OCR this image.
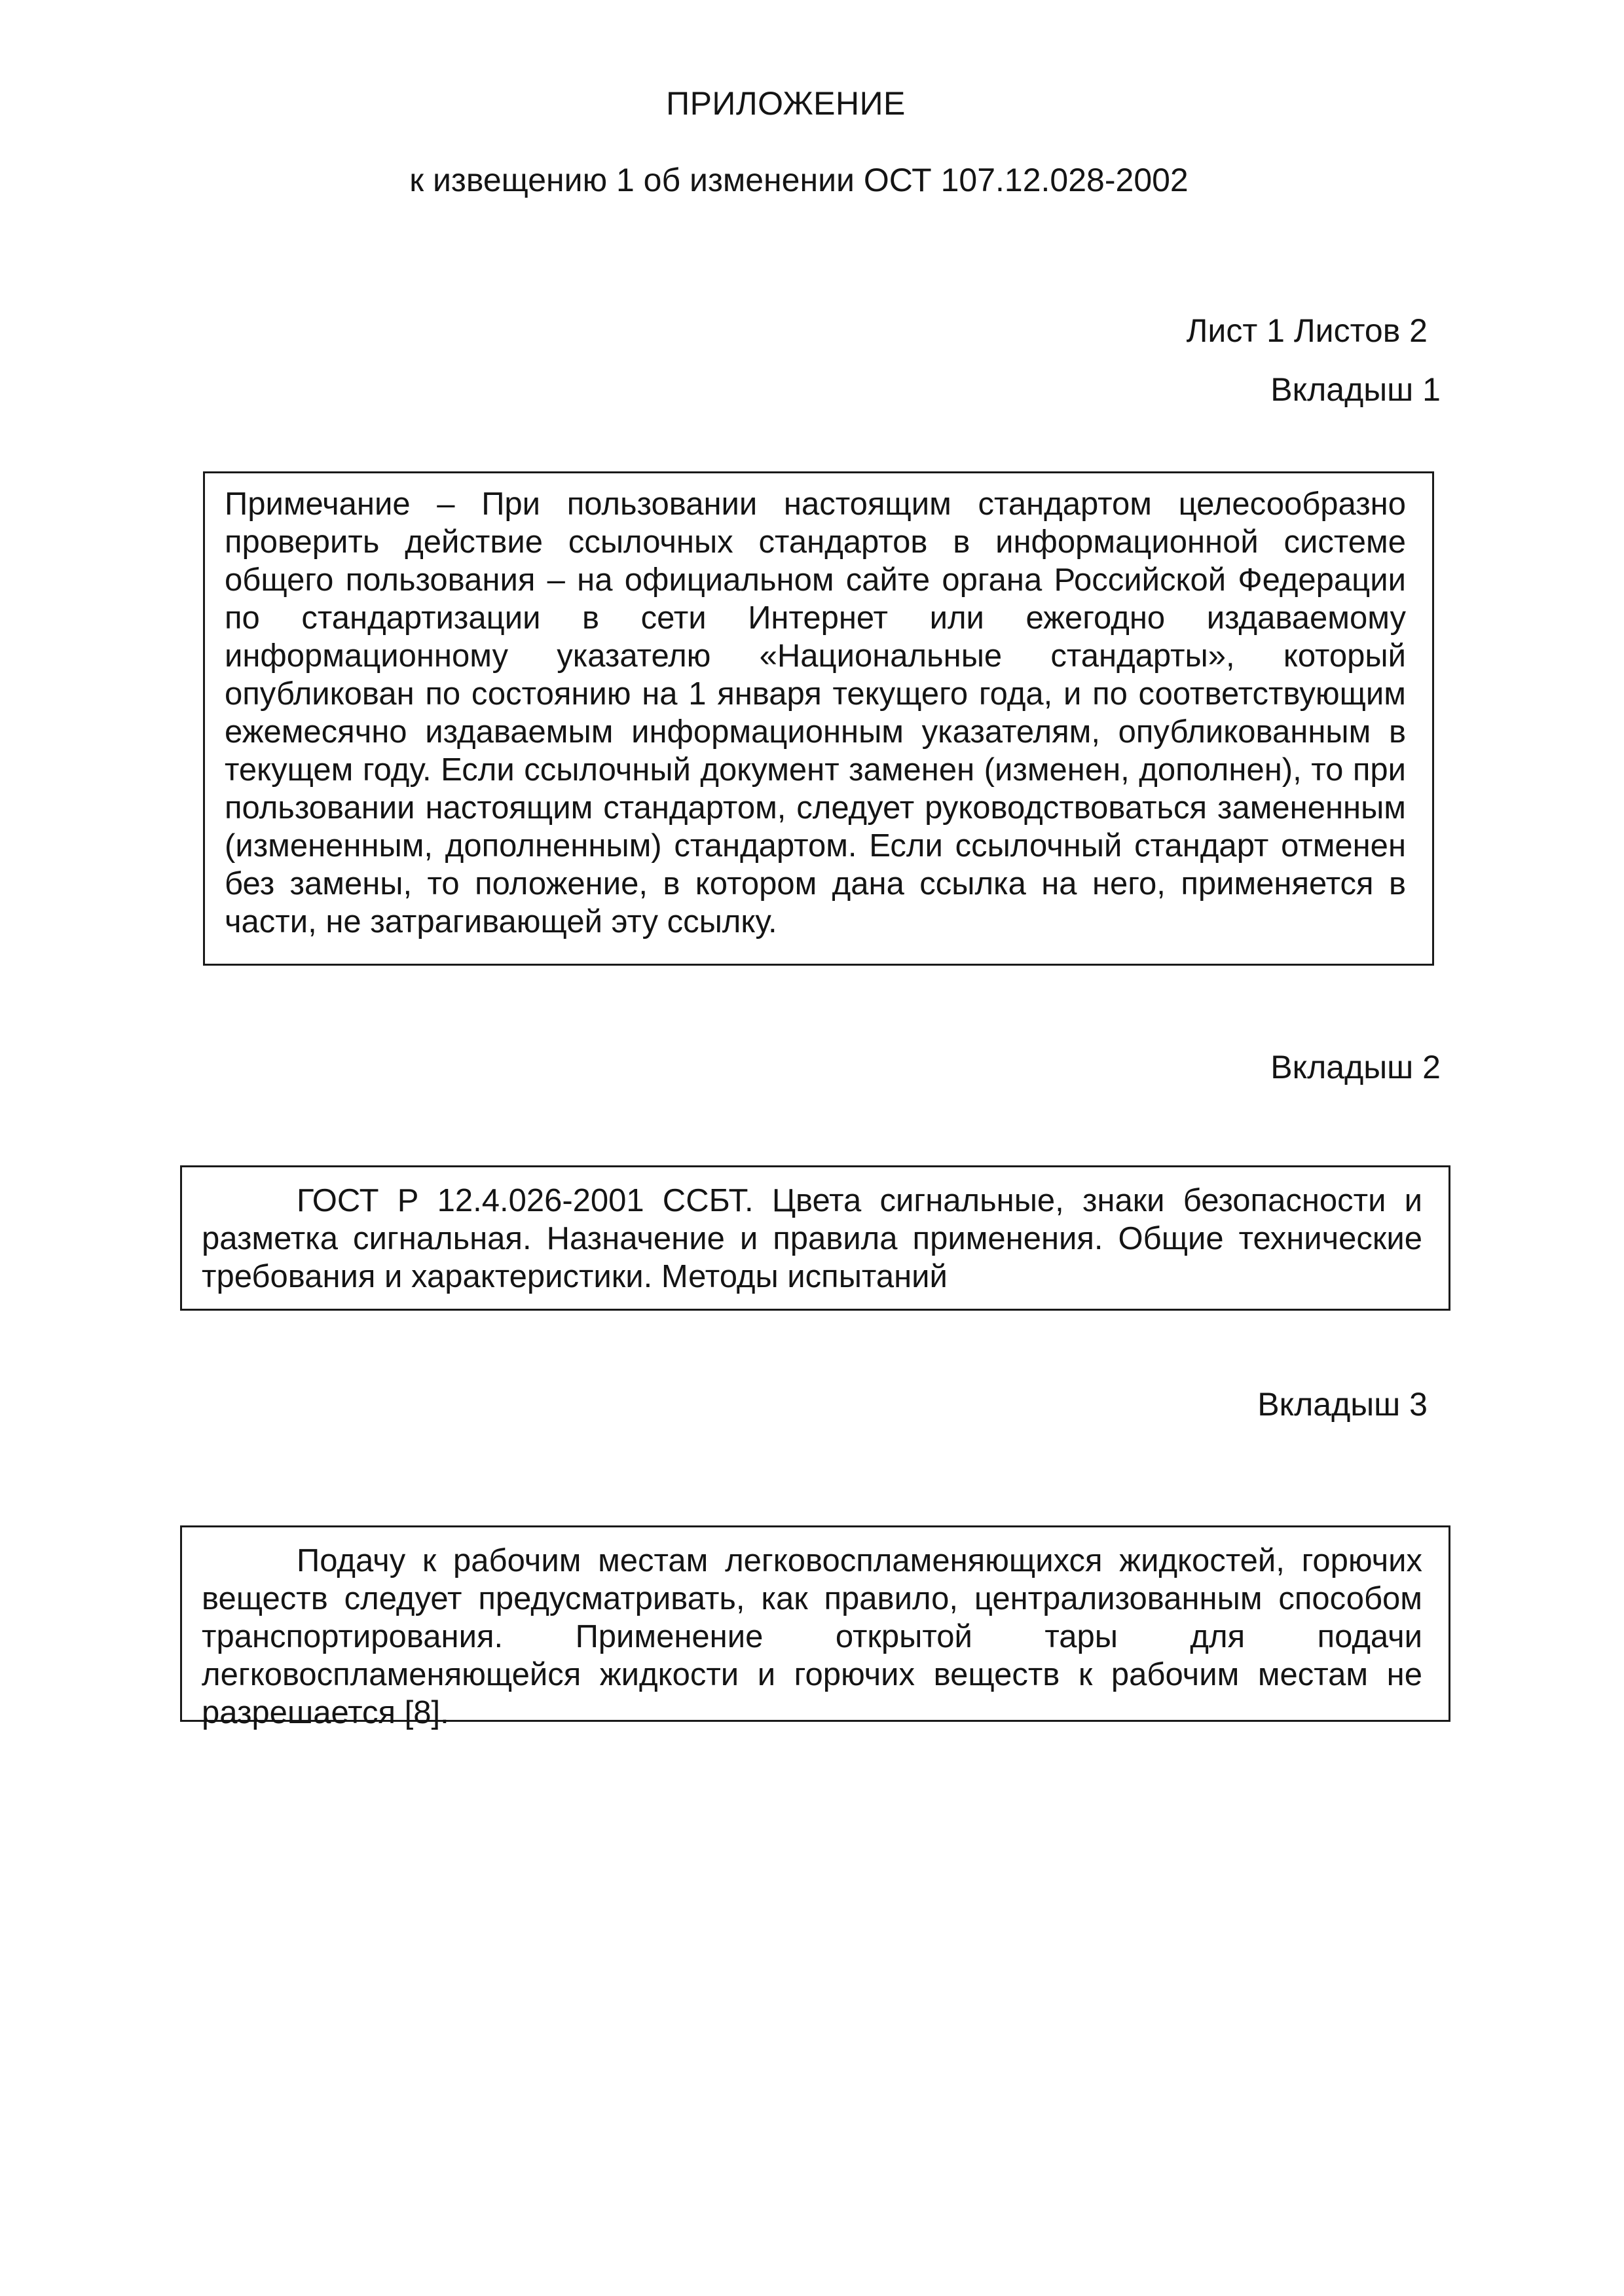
ПРИЛОЖЕНИЕ
к извещению 1 об изменении ОСТ 107.12.028-2002
Лист 1 Листов 2
Вкладыш 1

Примечание – При пользовании настоящим стандартом целесообразно проверить действие ссылочных стандартов в информационной системе общего пользования – на официальном сайте органа Российской Федерации по стандартизации в сети Интернет или ежегодно издаваемому информационному указателю «Национальные стандарты», который опубликован по состоянию на 1 января текущего года, и по соответствующим ежемесячно издаваемым информационным указателям, опубликованным в текущем году. Если ссылочный документ заменен (изменен, дополнен), то при пользовании настоящим стандартом, следует руководствоваться замененным (измененным, дополненным) стандартом. Если ссылочный стандарт отменен без замены, то положение, в котором дана ссылка на него, применяется в части, не затрагивающей эту ссылку.

Вкладыш 2

ГОСТ Р 12.4.026-2001 ССБТ. Цвета сигнальные, знаки безопасности и разметка сигнальная. Назначение и правила применения. Общие технические требования и характеристики. Методы испытаний

Вкладыш 3

Подачу к рабочим местам легковоспламеняющихся жидкостей, горючих веществ следует предусматривать, как правило, централизованным способом транспортирования. Применение открытой тары для подачи легковоспламеняющейся жидкости и горючих веществ к рабочим местам не разрешается [8].
